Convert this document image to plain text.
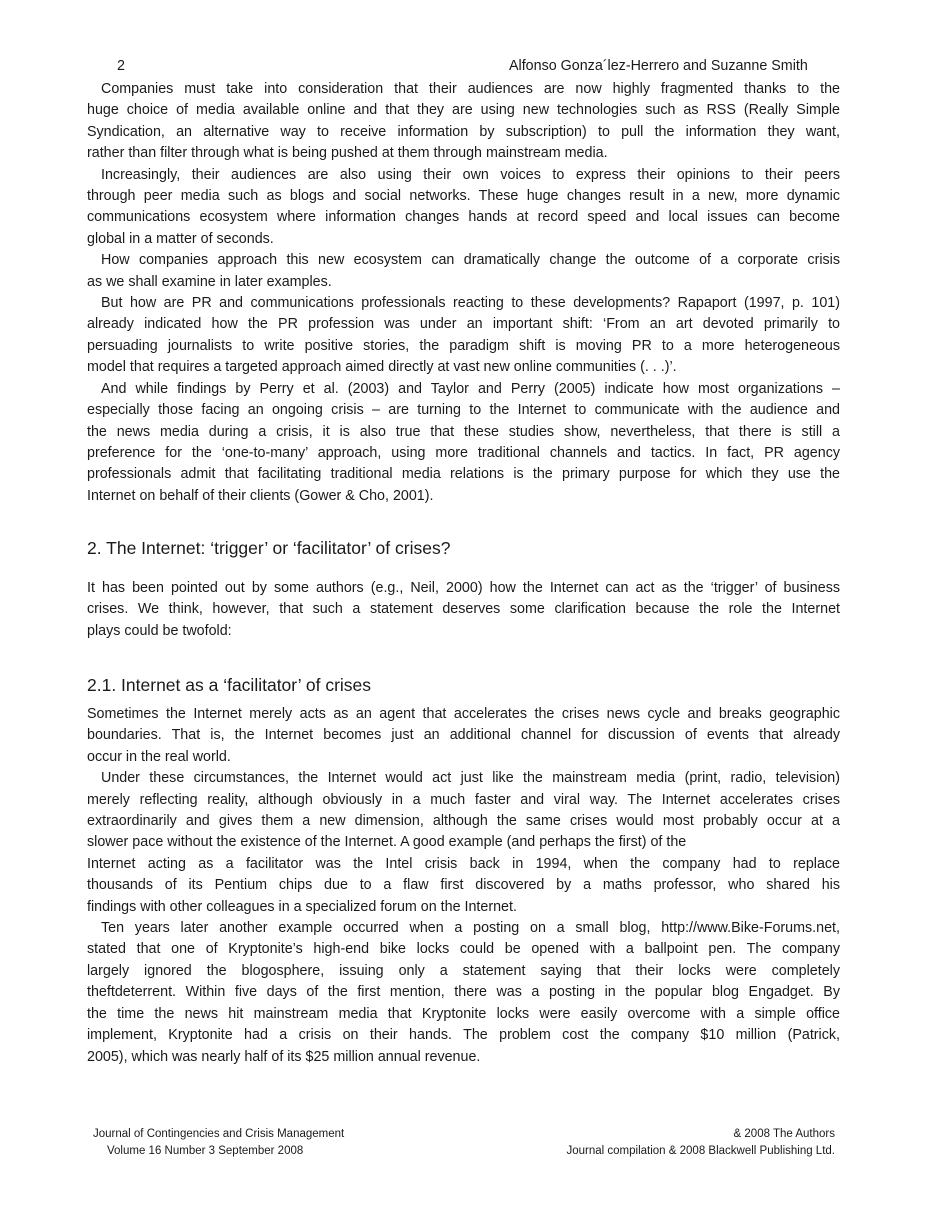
2	Alfonso Gonza´lez-Herrero and Suzanne Smith
Companies must take into consideration that their audiences are now highly fragmented thanks to the
huge choice of media available online and that they are using new technologies such as RSS (Really Simple
Syndication, an alternative way to receive information by subscription) to pull the information they want,
rather than filter through what is being pushed at them through mainstream media.
Increasingly, their audiences are also using their own voices to express their opinions to their peers
through peer media such as blogs and social networks. These huge changes result in a new, more dynamic
communications ecosystem where information changes hands at record speed and local issues can become
global in a matter of seconds.
How companies approach this new ecosystem can dramatically change the outcome of a corporate crisis
as we shall examine in later examples.
But how are PR and communications professionals reacting to these developments? Rapaport (1997, p. 101)
already indicated how the PR profession was under an important shift: ‘From an art devoted primarily to
persuading journalists to write positive stories, the paradigm shift is moving PR to a more heterogeneous
model that requires a targeted approach aimed directly at vast new online communities (. . .)’.
And while findings by Perry et al. (2003) and Taylor and Perry (2005) indicate how most organizations –
especially those facing an ongoing crisis – are turning to the Internet to communicate with the audience and
the news media during a crisis, it is also true that these studies show, nevertheless, that there is still a
preference for the ‘one-to-many’ approach, using more traditional channels and tactics. In fact, PR agency
professionals admit that facilitating traditional media relations is the primary purpose for which they use the
Internet on behalf of their clients (Gower & Cho, 2001).
2. The Internet: ‘trigger’ or ‘facilitator’ of crises?
It has been pointed out by some authors (e.g., Neil, 2000) how the Internet can act as the ‘trigger’ of business
crises. We think, however, that such a statement deserves some clarification because the role the Internet
plays could be twofold:
2.1. Internet as a ‘facilitator’ of crises
Sometimes the Internet merely acts as an agent that accelerates the crises news cycle and breaks geographic
boundaries. That is, the Internet becomes just an additional channel for discussion of events that already
occur in the real world.
Under these circumstances, the Internet would act just like the mainstream media (print, radio, television)
merely reflecting reality, although obviously in a much faster and viral way. The Internet accelerates crises
extraordinarily and gives them a new dimension, although the same crises would most probably occur at a
slower pace without the existence of the Internet. A good example (and perhaps the first) of the
Internet acting as a facilitator was the Intel crisis back in 1994, when the company had to replace
thousands of its Pentium chips due to a flaw first discovered by a maths professor, who shared his
findings with other colleagues in a specialized forum on the Internet.
Ten years later another example occurred when a posting on a small blog, http://www.Bike-Forums.net,
stated that one of Kryptonite’s high-end bike locks could be opened with a ballpoint pen. The company
largely ignored the blogosphere, issuing only a statement saying that their locks were completely
theftdeterrent. Within five days of the first mention, there was a posting in the popular blog Engadget. By
the time the news hit mainstream media that Kryptonite locks were easily overcome with a simple office
implement, Kryptonite had a crisis on their hands. The problem cost the company $10 million (Patrick,
2005), which was nearly half of its $25 million annual revenue.
Journal of Contingencies and Crisis Management
Volume 16 Number 3 September 2008
& 2008 The Authors
Journal compilation & 2008 Blackwell Publishing Ltd.
